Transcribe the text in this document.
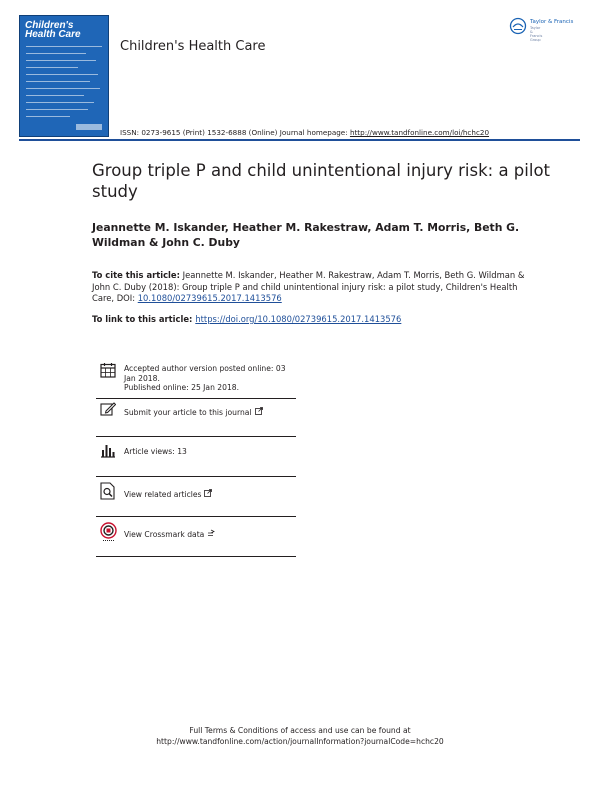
Children's
Health Care
Children's Health Care
Taylor & Francis
Taylor & Francis Group
ISSN: 0273-9615 (Print) 1532-6888 (Online) Journal homepage: http://www.tandfonline.com/loi/hchc20
Group triple P and child unintentional injury risk: a pilot study
Jeannette M. Iskander, Heather M. Rakestraw, Adam T. Morris, Beth G. Wildman & John C. Duby
To cite this article: Jeannette M. Iskander, Heather M. Rakestraw, Adam T. Morris, Beth G. Wildman & John C. Duby (2018): Group triple P and child unintentional injury risk: a pilot study, Children's Health Care, DOI: 10.1080/02739615.2017.1413576
To link to this article: https://doi.org/10.1080/02739615.2017.1413576
Accepted author version posted online: 03
Jan 2018.
Published online: 25 Jan 2018.
Submit your article to this journal
Article views: 13
View related articles
View Crossmark data
Full Terms & Conditions of access and use can be found at
http://www.tandfonline.com/action/journalInformation?journalCode=hchc20
